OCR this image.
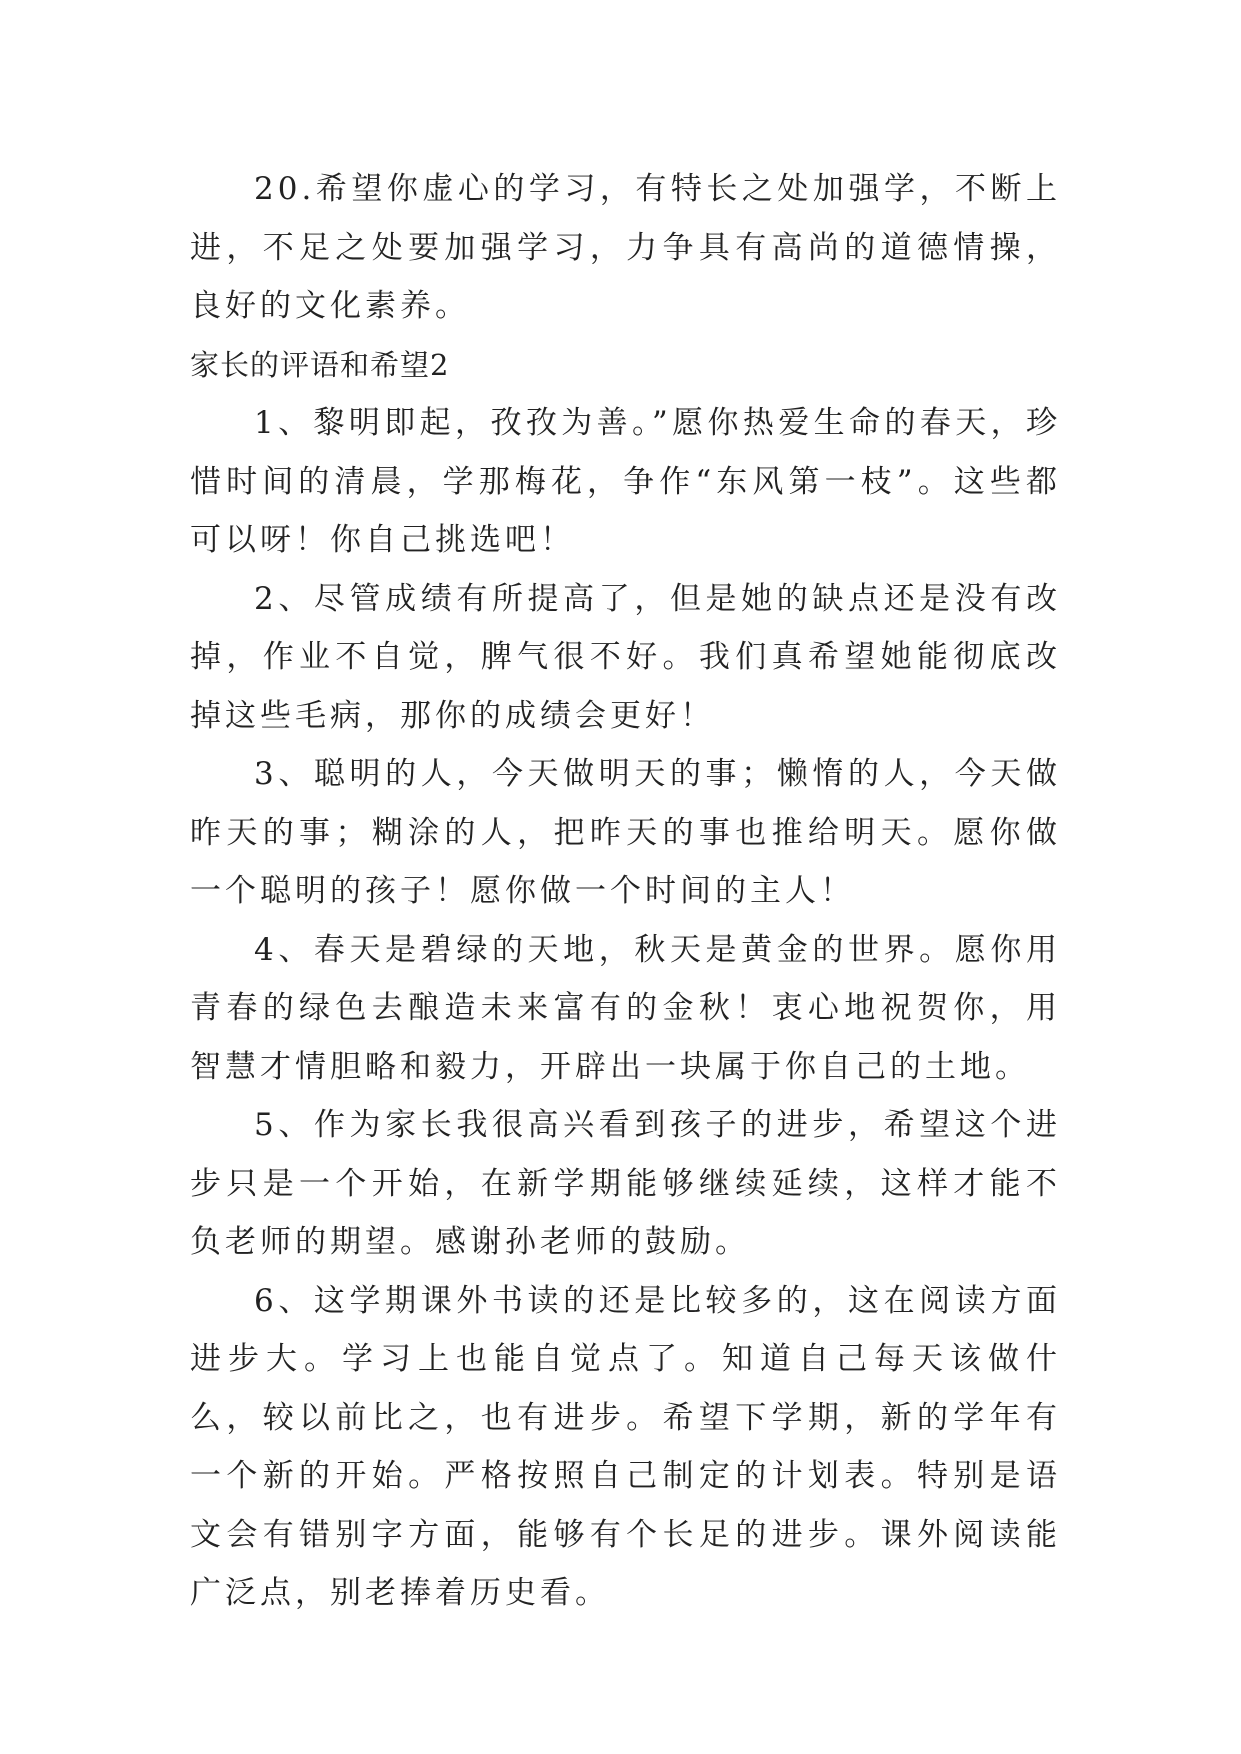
20.希望你虚心的学习，有特长之处加强学，不断上进，不足之处要加强学习，力争具有高尚的道德情操，良好的文化素养。

家长的评语和希望2

1、黎明即起，孜孜为善。”愿你热爱生命的春天，珍惜时间的清晨，学那梅花，争作“东风第一枝”。这些都可以呀！你自己挑选吧！

2、尽管成绩有所提高了，但是她的缺点还是没有改掉，作业不自觉，脾气很不好。我们真希望她能彻底改掉这些毛病，那你的成绩会更好！

3、聪明的人，今天做明天的事；懒惰的人，今天做昨天的事；糊涂的人，把昨天的事也推给明天。愿你做一个聪明的孩子！愿你做一个时间的主人！

4、春天是碧绿的天地，秋天是黄金的世界。愿你用青春的绿色去酿造未来富有的金秋！衷心地祝贺你，用智慧才情胆略和毅力，开辟出一块属于你自己的土地。

5、作为家长我很高兴看到孩子的进步，希望这个进步只是一个开始，在新学期能够继续延续，这样才能不负老师的期望。感谢孙老师的鼓励。

6、这学期课外书读的还是比较多的，这在阅读方面进步大。学习上也能自觉点了。知道自己每天该做什么，较以前比之，也有进步。希望下学期，新的学年有一个新的开始。严格按照自己制定的计划表。特别是语文会有错别字方面，能够有个长足的进步。课外阅读能广泛点，别老捧着历史看。
